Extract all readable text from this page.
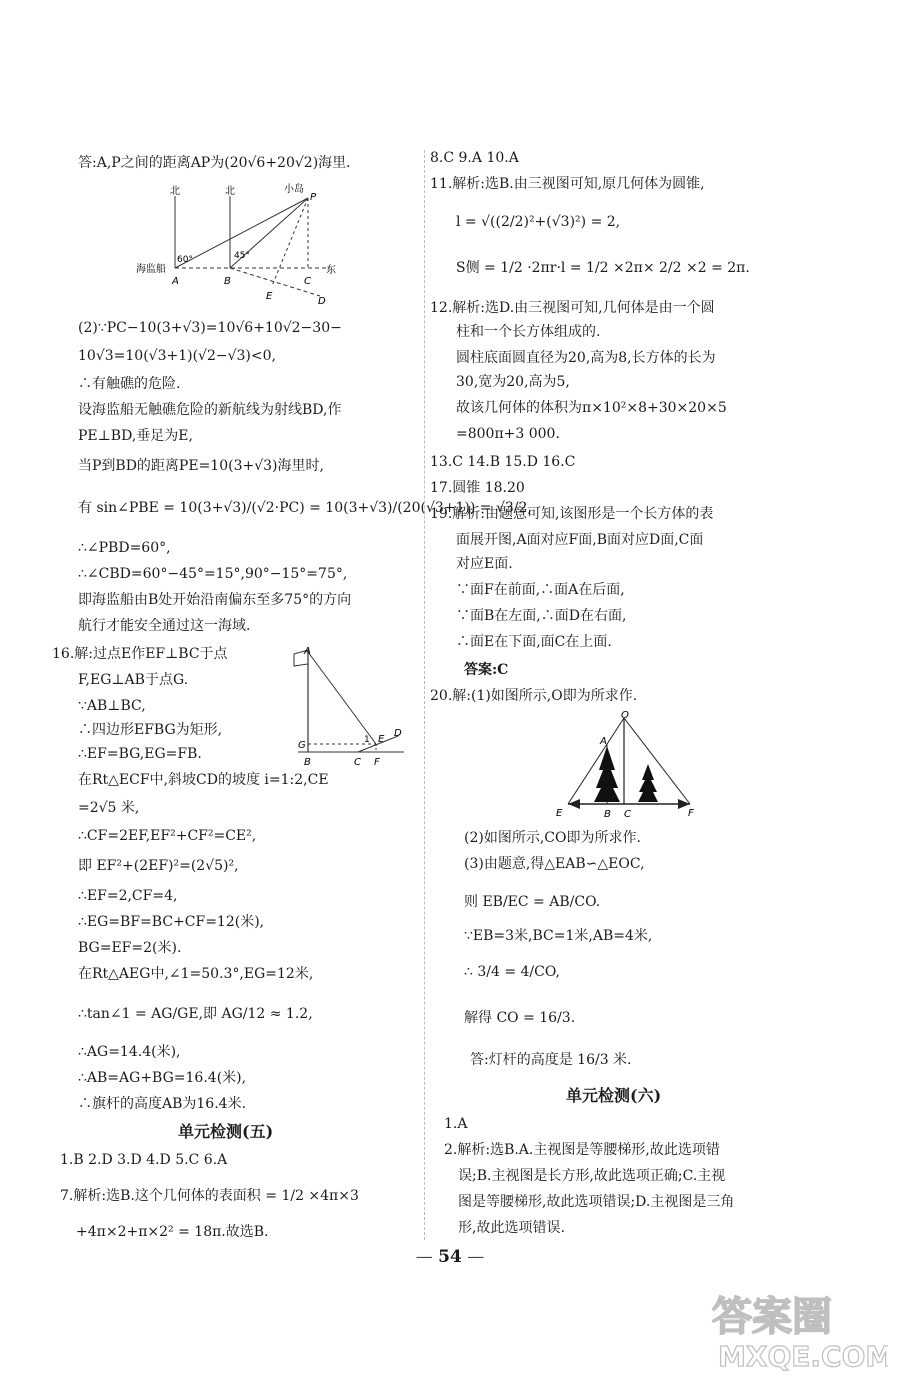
答:A,P之间的距离AP为(20√6+20√2)海里.
北	北	小岛
P
60°	45°
海监船
A	B	C
东
E	D
(2)∵PC−10(3+√3)=10√6+10√2−30−
10√3=10(√3+1)(√2−√3)<0,
∴有触礁的危险.
设海监船无触礁危险的新航线为射线BD,作
PE⊥BD,垂足为E,
当P到BD的距离PE=10(3+√3)海里时,
有 sin∠PBE = 10(3+√3)/(√2·PC) = 10(3+√3)/(20(√3+1)) = √3/2,
∴∠PBD=60°,
∴∠CBD=60°−45°=15°,90°−15°=75°,
即海监船由B处开始沿南偏东至多75°的方向
航行才能安全通过这一海域.
16.解:过点E作EF⊥BC于点
F,EG⊥AB于点G.
∵AB⊥BC,
∴四边形EFBG为矩形,
∴EF=BG,EG=FB.
A
G
B	C F
E
D
1
在Rt△ECF中,斜坡CD的坡度 i=1:2,CE
=2√5 米,
∴CF=2EF,EF²+CF²=CE²,
即 EF²+(2EF)²=(2√5)²,
∴EF=2,CF=4,
∴EG=BF=BC+CF=12(米),
BG=EF=2(米).
在Rt△AEG中,∠1=50.3°,EG=12米,
∴tan∠1 = AG/GE,即 AG/12 ≈ 1.2,
∴AG=14.4(米),
∴AB=AG+BG=16.4(米),
∴旗杆的高度AB为16.4米.
单元检测(五)
1.B 2.D 3.D 4.D 5.C 6.A
7.解析:选B.这个几何体的表面积 = 1/2 ×4π×3
+4π×2+π×2² = 18π.故选B.
8.C 9.A 10.A
11.解析:选B.由三视图可知,原几何体为圆锥,
l = √((2/2)²+(√3)²) = 2,
S侧 = 1/2 ·2πr·l = 1/2 ×2π× 2/2 ×2 = 2π.
12.解析:选D.由三视图可知,几何体是由一个圆
柱和一个长方体组成的.
圆柱底面圆直径为20,高为8,长方体的长为
30,宽为20,高为5,
故该几何体的体积为π×10²×8+30×20×5
=800π+3 000.
13.C 14.B 15.D 16.C
17.圆锥 18.20
19.解析:由题意可知,该图形是一个长方体的表
面展开图,A面对应F面,B面对应D面,C面
对应E面.
∵面F在前面,∴面A在后面,
∵面B在左面,∴面D在右面,
∴面E在下面,面C在上面.
答案:C
20.解:(1)如图所示,O即为所求作.
O
A
E	B C	F
(2)如图所示,CO即为所求作.
(3)由题意,得△EAB∽△EOC,
则 EB/EC = AB/CO.
∵EB=3米,BC=1米,AB=4米,
∴ 3/4 = 4/CO,
解得 CO = 16/3.
答:灯杆的高度是 16/3 米.
单元检测(六)
1.A
2.解析:选B.A.主视图是等腰梯形,故此选项错
误;B.主视图是长方形,故此选项正确;C.主视
图是等腰梯形,故此选项错误;D.主视图是三角
形,故此选项错误.
— 54 —
答案圈
MXQE.COM
